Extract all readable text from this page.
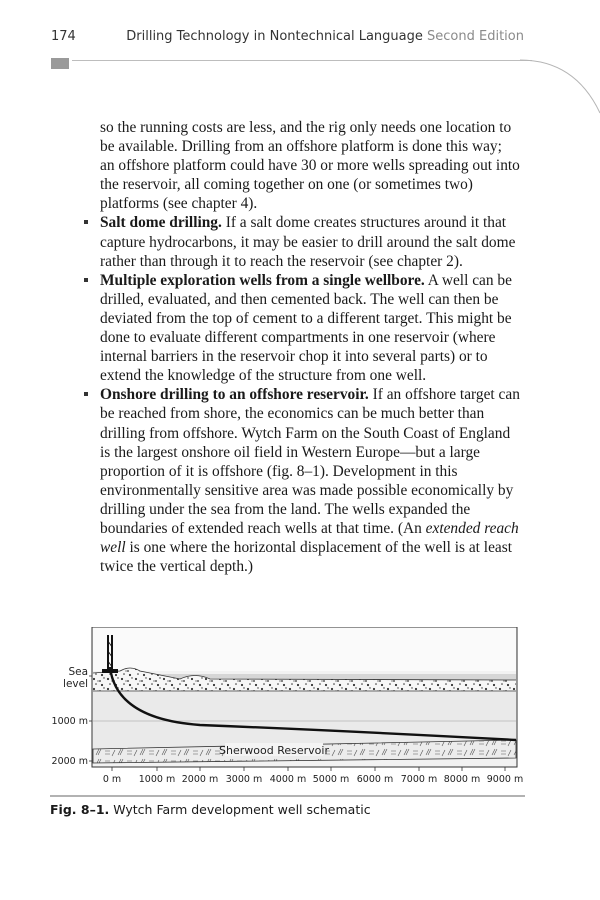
174	Drilling Technology in Nontechnical Language Second Edition

so the running costs are less, and the rig only needs one location to be available. Drilling from an offshore platform is done this way; an offshore platform could have 30 or more wells spreading out into the reservoir, all coming together on one (or sometimes two) platforms (see chapter 4).

Salt dome drilling. If a salt dome creates structures around it that capture hydrocarbons, it may be easier to drill around the salt dome rather than through it to reach the reservoir (see chapter 2).

Multiple exploration wells from a single wellbore. A well can be drilled, evaluated, and then cemented back. The well can then be deviated from the top of cement to a different target. This might be done to evaluate different compartments in one reservoir (where internal barriers in the reservoir chop it into several parts) or to extend the knowledge of the structure from one well.

Onshore drilling to an offshore reservoir. If an offshore target can be reached from shore, the economics can be much better than drilling from offshore. Wytch Farm on the South Coast of England is the largest onshore oil field in Western Europe—but a large proportion of it is offshore (fig. 8–1). Development in this environmentally sensitive area was made possible economically by drilling under the sea from the land. The wells expanded the boundaries of extended reach wells at that time. (An extended reach well is one where the horizontal displacement of the well is at least twice the vertical depth.)

Sea
level
1000 m
2000 m
Sherwood Reservoir
0 m 1000 m 2000 m 3000 m 4000 m 5000 m 6000 m 7000 m 8000 m 9000 m
Fig. 8–1. Wytch Farm development well schematic
